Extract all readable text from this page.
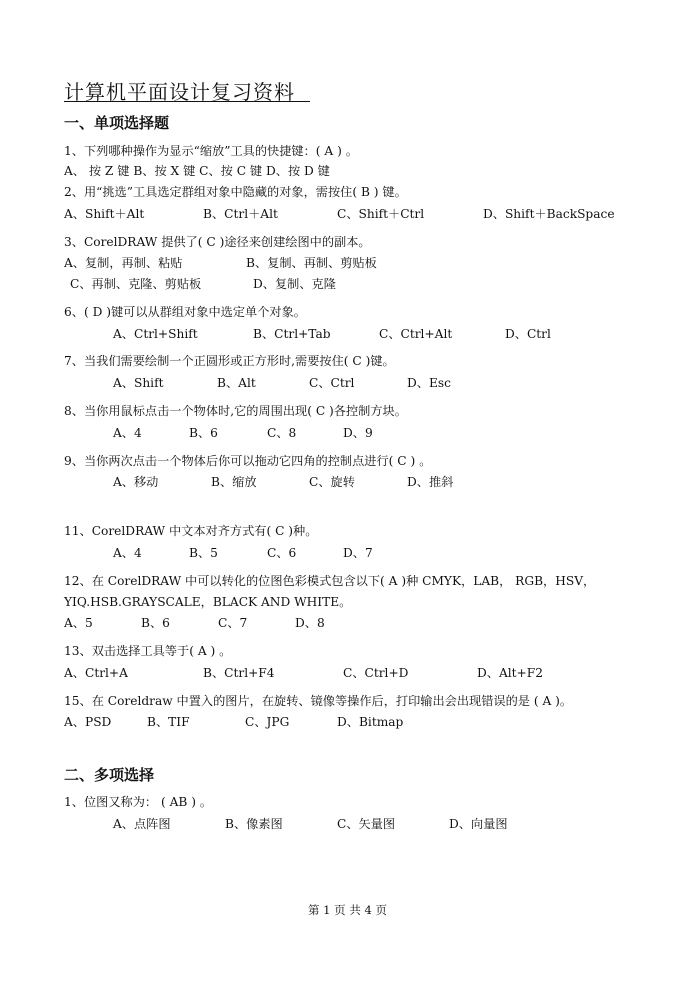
计算机平面设计复习资料
一、单项选择题
1、下列哪种操作为显示“缩放”工具的快捷键：( A ) 。
A、 按 Z 键 B、按 X 键 C、按 C 键 D、按 D 键
2、用“挑选”工具选定群组对象中隐藏的对象，需按住( B ) 键。
A、Shift＋Alt	B、Ctrl＋Alt	C、Shift＋Ctrl	D、Shift＋BackSpace
3、CorelDRAW 提供了( C )途径来创建绘图中的副本。
A、复制，再制、粘贴	B、复制、再制、剪贴板
C、再制、克隆、剪贴板	D、复制、克隆
6、( D )键可以从群组对象中选定单个对象。
A、Ctrl+Shift	B、Ctrl+Tab	C、Ctrl+Alt	D、Ctrl
7、当我们需要绘制一个正圆形或正方形时,需要按住( C )键。
A、Shift	B、Alt	C、Ctrl	D、Esc
8、当你用鼠标点击一个物体时,它的周围出现( C )各控制方块。
A、4	B、6	C、8	D、9
9、当你两次点击一个物体后你可以拖动它四角的控制点进行( C ) 。
A、移动	B、缩放	C、旋转	D、推斜
11、CorelDRAW 中文本对齐方式有( C )种。
A、4	B、5	C、6	D、7
12、在 CorelDRAW 中可以转化的位图色彩模式包含以下( A )种 CMYK，LAB， RGB，HSV，
YIQ.HSB.GRAYSCALE，BLACK AND WHITE。
A、5	B、6	C、7	D、8
13、双击选择工具等于( A ) 。
A、Ctrl+A	B、Ctrl+F4	C、Ctrl+D	D、Alt+F2
15、在 Coreldraw 中置入的图片，在旋转、镜像等操作后，打印输出会出现错误的是 ( A )。
A、PSD	B、TIF	C、JPG	D、Bitmap
二、多项选择
1、位图又称为： ( AB ) 。
A、点阵图	B、像素图	C、矢量图	D、向量图
第 1 页 共 4 页
